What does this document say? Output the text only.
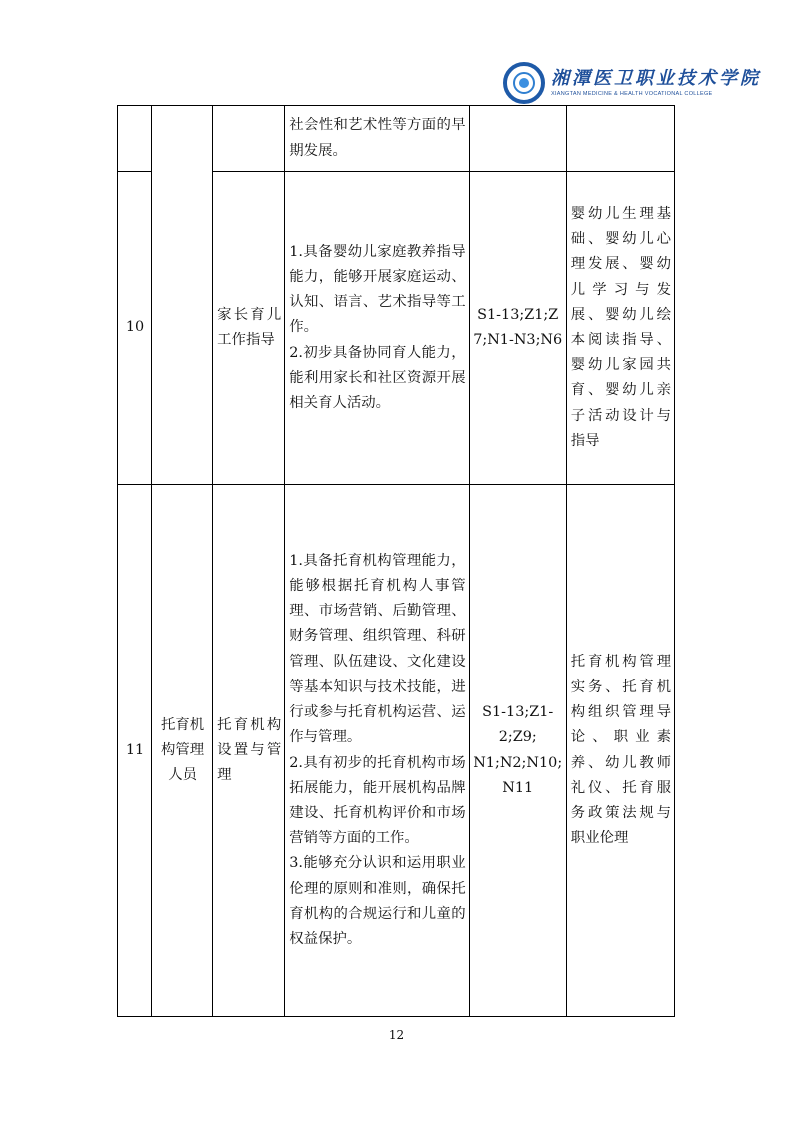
湘潭医卫职业技术学院
XIANGTAN MEDICINE & HEALTH VOCATIONAL COLLEGE

			社会性和艺术性等方面的早期发展。		

10		家长育儿工作指导	1.具备婴幼儿家庭教养指导能力，能够开展家庭运动、认知、语言、艺术指导等工作。
2.初步具备协同育人能力，能利用家长和社区资源开展相关育人活动。	S1-13;Z1;Z7;N1-N3;N6	婴幼儿生理基础、婴幼儿心理发展、婴幼儿学习与发展、婴幼儿绘本阅读指导、婴幼儿家园共育、婴幼儿亲子活动设计与指导

11	托育机构管理人员	托育机构设置与管理	1.具备托育机构管理能力，能够根据托育机构人事管理、市场营销、后勤管理、财务管理、组织管理、科研管理、队伍建设、文化建设等基本知识与技术技能，进行或参与托育机构运营、运作与管理。
2.具有初步的托育机构市场拓展能力，能开展机构品牌建设、托育机构评价和市场营销等方面的工作。
3.能够充分认识和运用职业伦理的原则和准则，确保托育机构的合规运行和儿童的权益保护。	S1-13;Z1-2;Z9; N1;N2;N10; N11	托育机构管理实务、托育机构组织管理导论、职业素养、幼儿教师礼仪、托育服务政策法规与职业伦理
12
